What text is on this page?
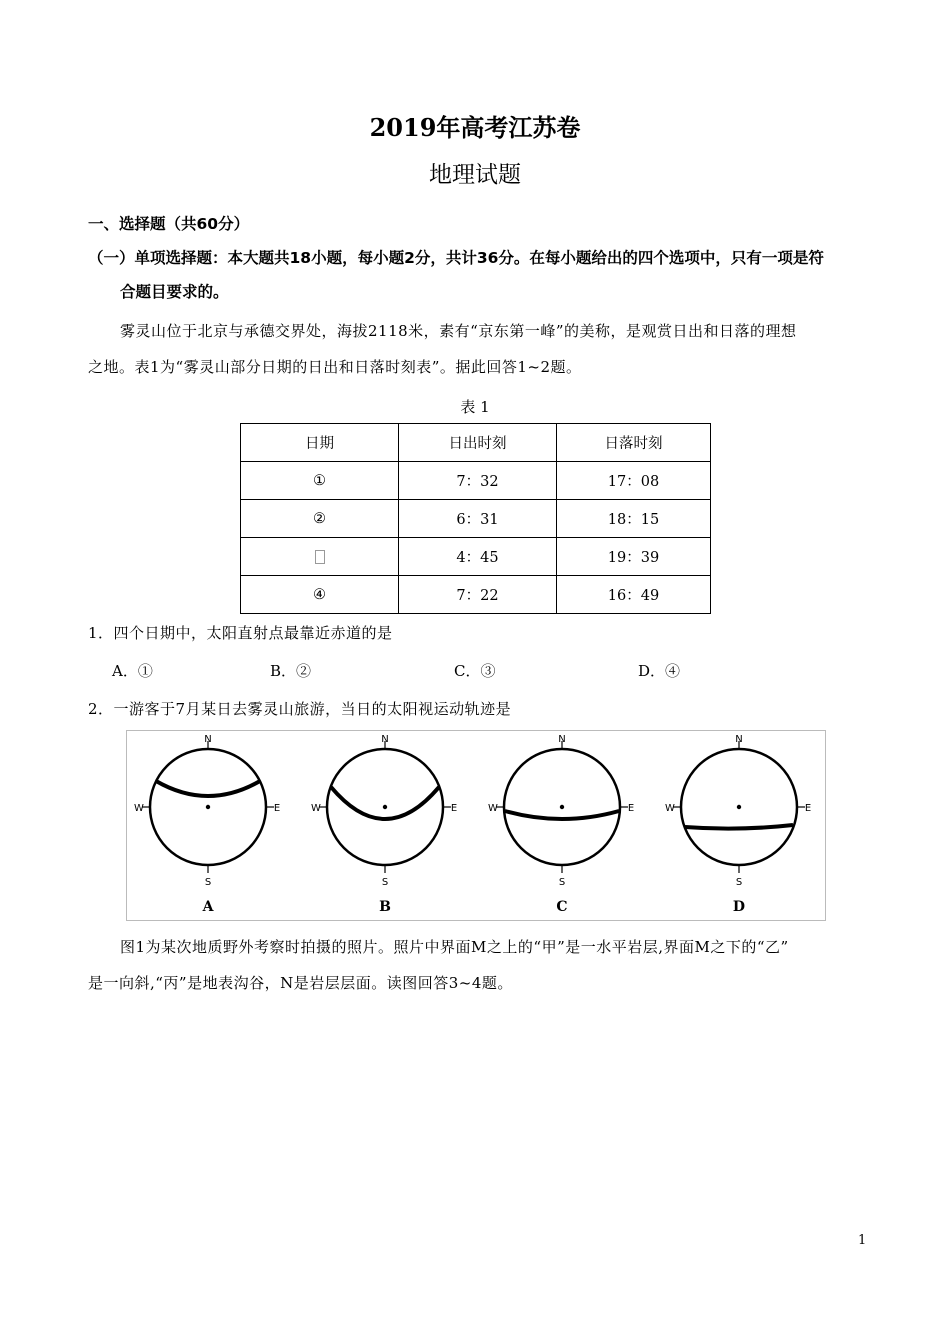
2019年高考江苏卷
地理试题
一、选择题（共60分）
（一）单项选择题：本大题共18小题，每小题2分，共计36分。在每小题给出的四个选项中，只有一项是符
合题目要求的。
雾灵山位于北京与承德交界处，海拔2118米，素有“京东第一峰”的美称，是观赏日出和日落的理想
之地。表1为“雾灵山部分日期的日出和日落时刻表”。据此回答1~2题。
表 1
日期	日出时刻	日落时刻
①	7：32	17：08
②	6：31	18：15
	4：45	19：39
④	7：22	16：49
1．四个日期中，太阳直射点最靠近赤道的是
A．①	B．②	C．③	D．④
2．一游客于7月某日去雾灵山旅游，当日的太阳视运动轨迹是
N
S
W	E
A
N
S
W	E
B
N
S
W	E
C
N
S
W	E
D
图1为某次地质野外考察时拍摄的照片。照片中界面M之上的“甲”是一水平岩层,界面M之下的“乙”
是一向斜,“丙”是地表沟谷，N是岩层层面。读图回答3~4题。
1
